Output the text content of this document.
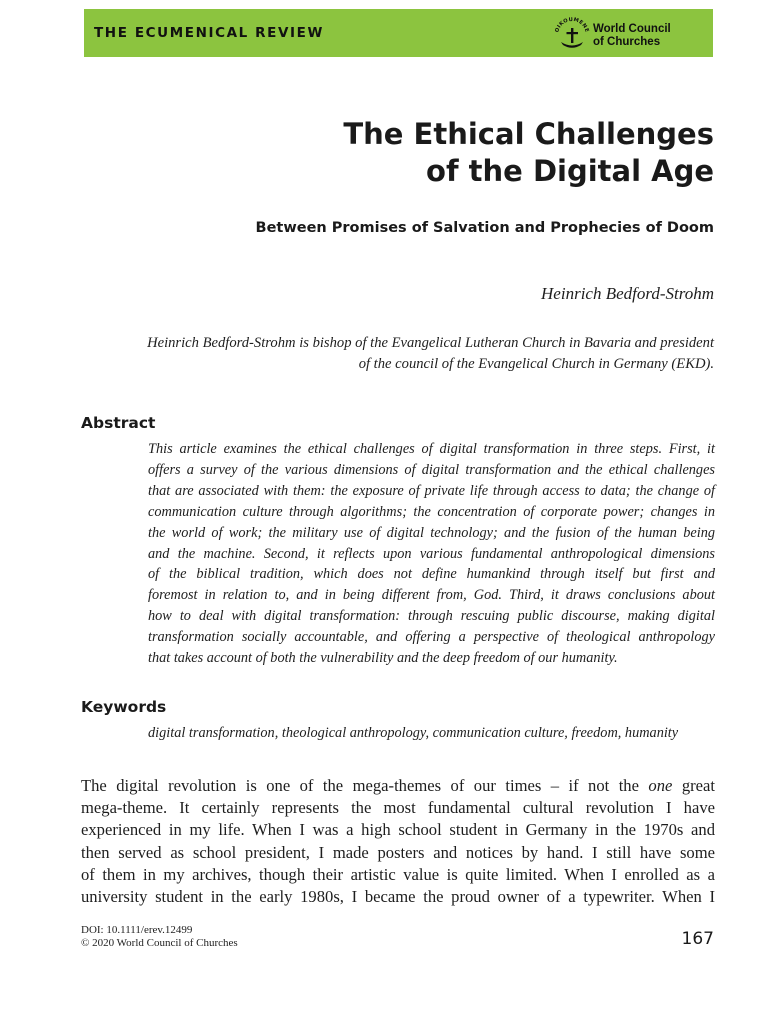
THE ECUMENICAL REVIEW	OIKOUMENE World Council
of Churches
The Ethical Challenges
of the Digital Age
Between Promises of Salvation and Prophecies of Doom
Heinrich Bedford-Strohm
Heinrich Bedford-Strohm is bishop of the Evangelical Lutheran Church in Bavaria and president
of the council of the Evangelical Church in Germany (EKD).
Abstract
This article examines the ethical challenges of digital transformation in three steps. First, it
offers a survey of the various dimensions of digital transformation and the ethical challenges
that are associated with them: the exposure of private life through access to data; the change of
communication culture through algorithms; the concentration of corporate power; changes in
the world of work; the military use of digital technology; and the fusion of the human being
and the machine. Second, it reflects upon various fundamental anthropological dimensions
of the biblical tradition, which does not define humankind through itself but first and
foremost in relation to, and in being different from, God. Third, it draws conclusions about
how to deal with digital transformation: through rescuing public discourse, making digital
transformation socially accountable, and offering a perspective of theological anthropology
that takes account of both the vulnerability and the deep freedom of our humanity.
Keywords
digital transformation, theological anthropology, communication culture, freedom, humanity
The digital revolution is one of the mega-themes of our times – if not the one great
mega-theme. It certainly represents the most fundamental cultural revolution I have
experienced in my life. When I was a high school student in Germany in the 1970s and
then served as school president, I made posters and notices by hand. I still have some
of them in my archives, though their artistic value is quite limited. When I enrolled as a
university student in the early 1980s, I became the proud owner of a typewriter. When I
DOI: 10.1111/erev.12499
© 2020 World Council of Churches	167
